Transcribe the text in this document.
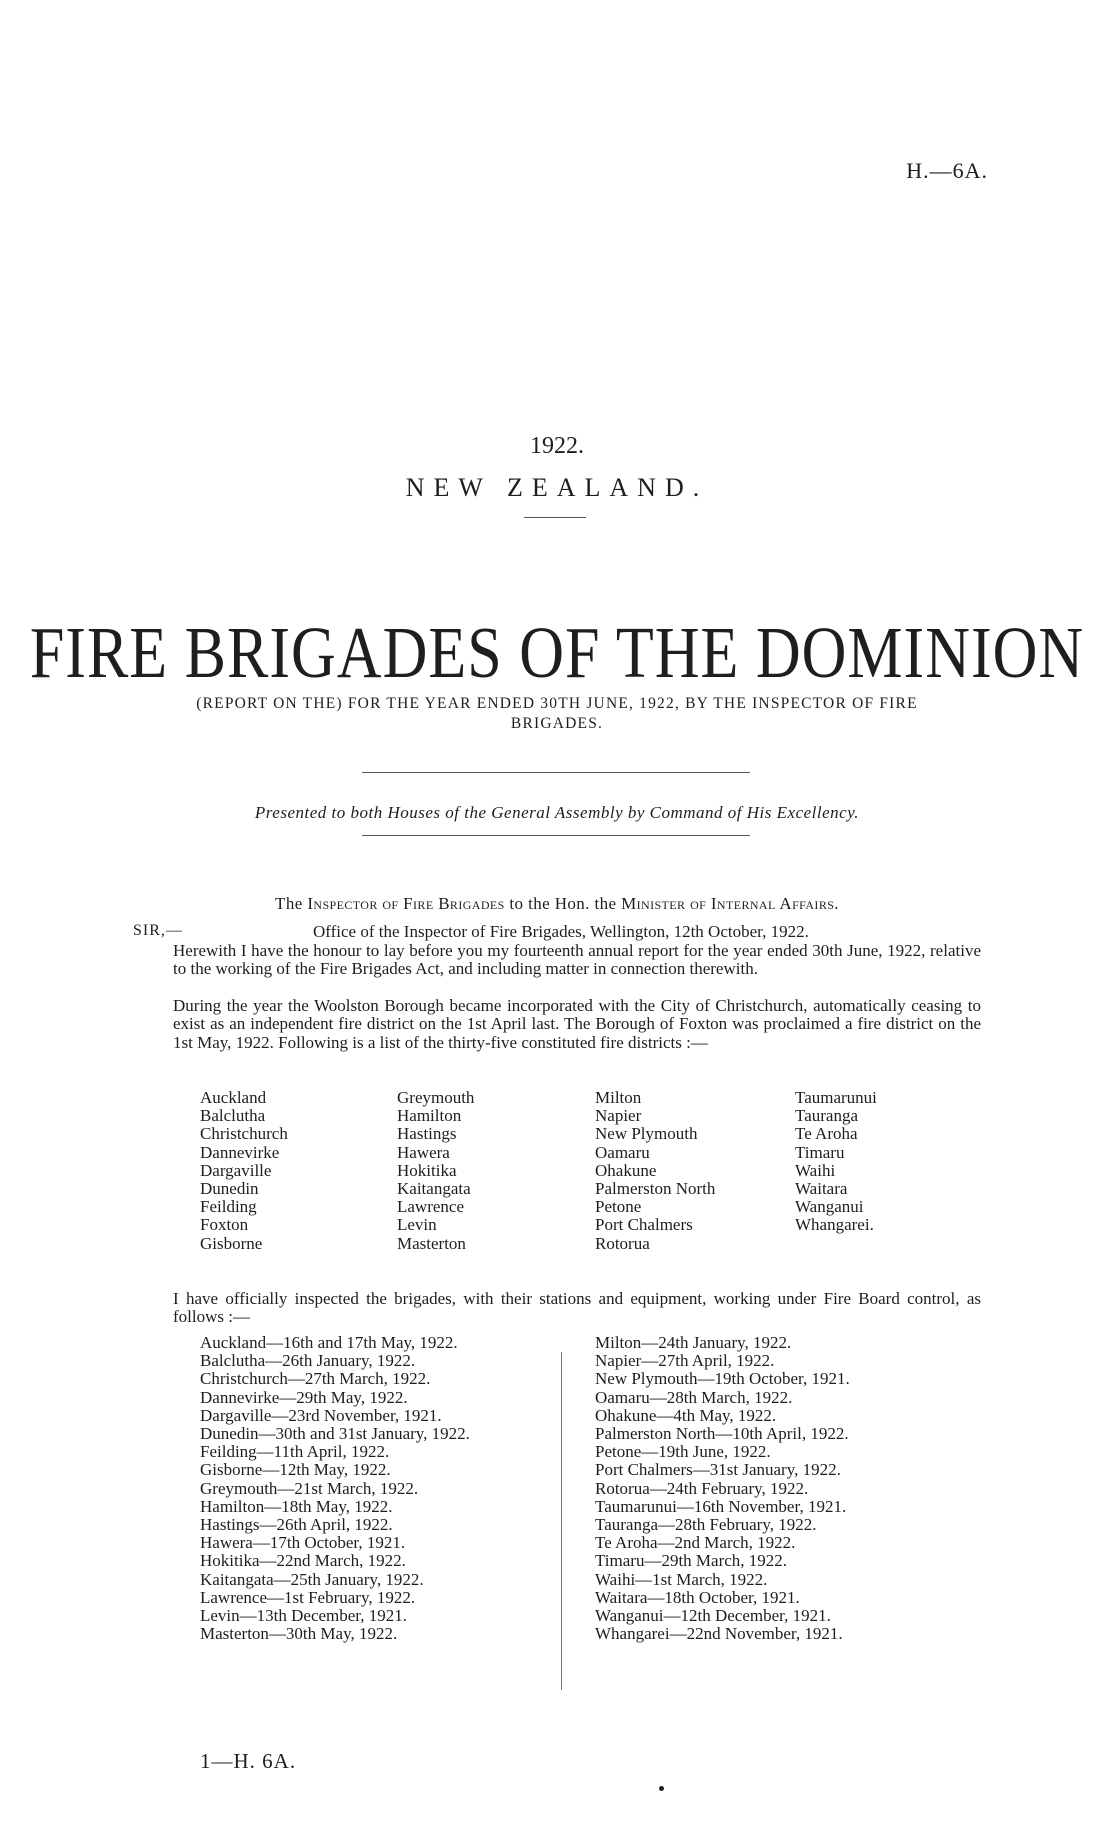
H.—6A.
1922.
NEW ZEALAND.
FIRE BRIGADES OF THE DOMINION
(REPORT ON THE) FOR THE YEAR ENDED 30TH JUNE, 1922, BY THE INSPECTOR OF FIRE BRIGADES.
Presented to both Houses of the General Assembly by Command of His Excellency.
The Inspector of Fire Brigades to the Hon. the Minister of Internal Affairs.
SIR,—	Office of the Inspector of Fire Brigades, Wellington, 12th October, 1922.
Herewith I have the honour to lay before you my fourteenth annual report for the year ended 30th June, 1922, relative to the working of the Fire Brigades Act, and including matter in connection therewith.
During the year the Woolston Borough became incorporated with the City of Christchurch, automatically ceasing to exist as an independent fire district on the 1st April last. The Borough of Foxton was proclaimed a fire district on the 1st May, 1922. Following is a list of the thirty-five constituted fire districts :—
Auckland
Balclutha
Christchurch
Dannevirke
Dargaville
Dunedin
Feilding
Foxton
Gisborne
Greymouth
Hamilton
Hastings
Hawera
Hokitika
Kaitangata
Lawrence
Levin
Masterton
Milton
Napier
New Plymouth
Oamaru
Ohakune
Palmerston North
Petone
Port Chalmers
Rotorua
Taumarunui
Tauranga
Te Aroha
Timaru
Waihi
Waitara
Wanganui
Whangarei.
I have officially inspected the brigades, with their stations and equipment, working under Fire Board control, as follows :—
Auckland—16th and 17th May, 1922.
Balclutha—26th January, 1922.
Christchurch—27th March, 1922.
Dannevirke—29th May, 1922.
Dargaville—23rd November, 1921.
Dunedin—30th and 31st January, 1922.
Feilding—11th April, 1922.
Gisborne—12th May, 1922.
Greymouth—21st March, 1922.
Hamilton—18th May, 1922.
Hastings—26th April, 1922.
Hawera—17th October, 1921.
Hokitika—22nd March, 1922.
Kaitangata—25th January, 1922.
Lawrence—1st February, 1922.
Levin—13th December, 1921.
Masterton—30th May, 1922.
Milton—24th January, 1922.
Napier—27th April, 1922.
New Plymouth—19th October, 1921.
Oamaru—28th March, 1922.
Ohakune—4th May, 1922.
Palmerston North—10th April, 1922.
Petone—19th June, 1922.
Port Chalmers—31st January, 1922.
Rotorua—24th February, 1922.
Taumarunui—16th November, 1921.
Tauranga—28th February, 1922.
Te Aroha—2nd March, 1922.
Timaru—29th March, 1922.
Waihi—1st March, 1922.
Waitara—18th October, 1921.
Wanganui—12th December, 1921.
Whangarei—22nd November, 1921.
1—H. 6A.
